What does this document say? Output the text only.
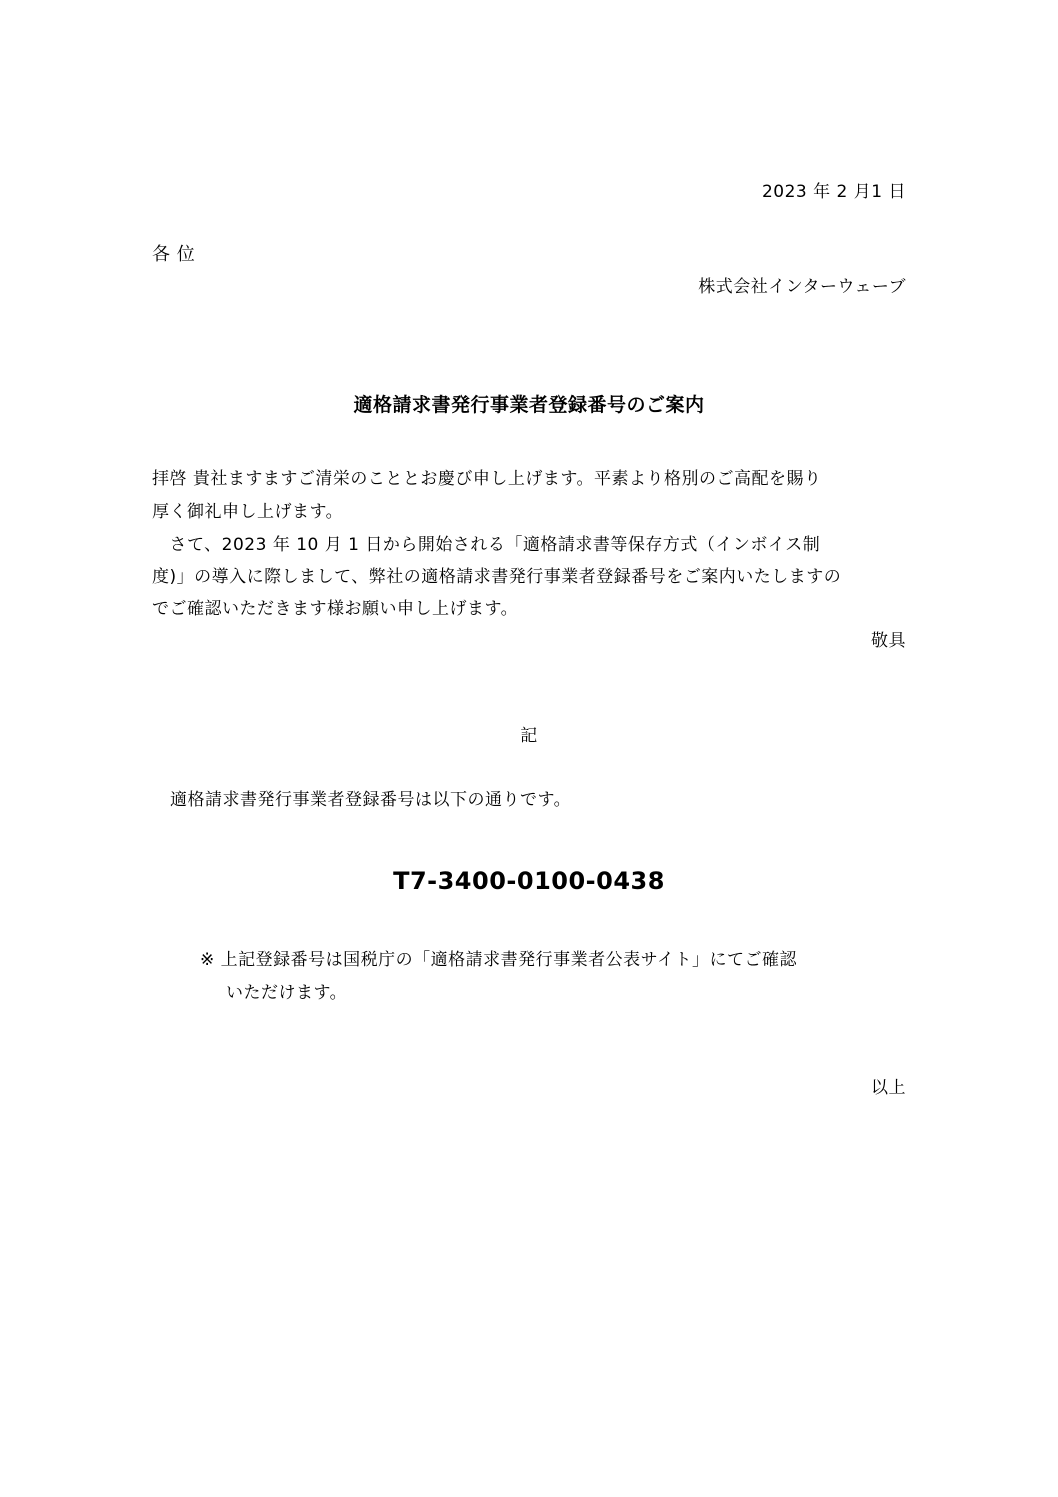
2023 年 2 月1 日
各 位
株式会社インターウェーブ
適格請求書発行事業者登録番号のご案内
拝啓 貴社ますますご清栄のこととお慶び申し上げます。平素より格別のご高配を賜り
厚く御礼申し上げます。
　さて、2023 年 10 月 1 日から開始される「適格請求書等保存方式（インボイス制
度)」の導入に際しまして、弊社の適格請求書発行事業者登録番号をご案内いたしますの
でご確認いただきます様お願い申し上げます。
敬具
記
適格請求書発行事業者登録番号は以下の通りです。
T7-3400-0100-0438
※ 上記登録番号は国税庁の「適格請求書発行事業者公表サイト」にてご確認
いただけます。
以上
